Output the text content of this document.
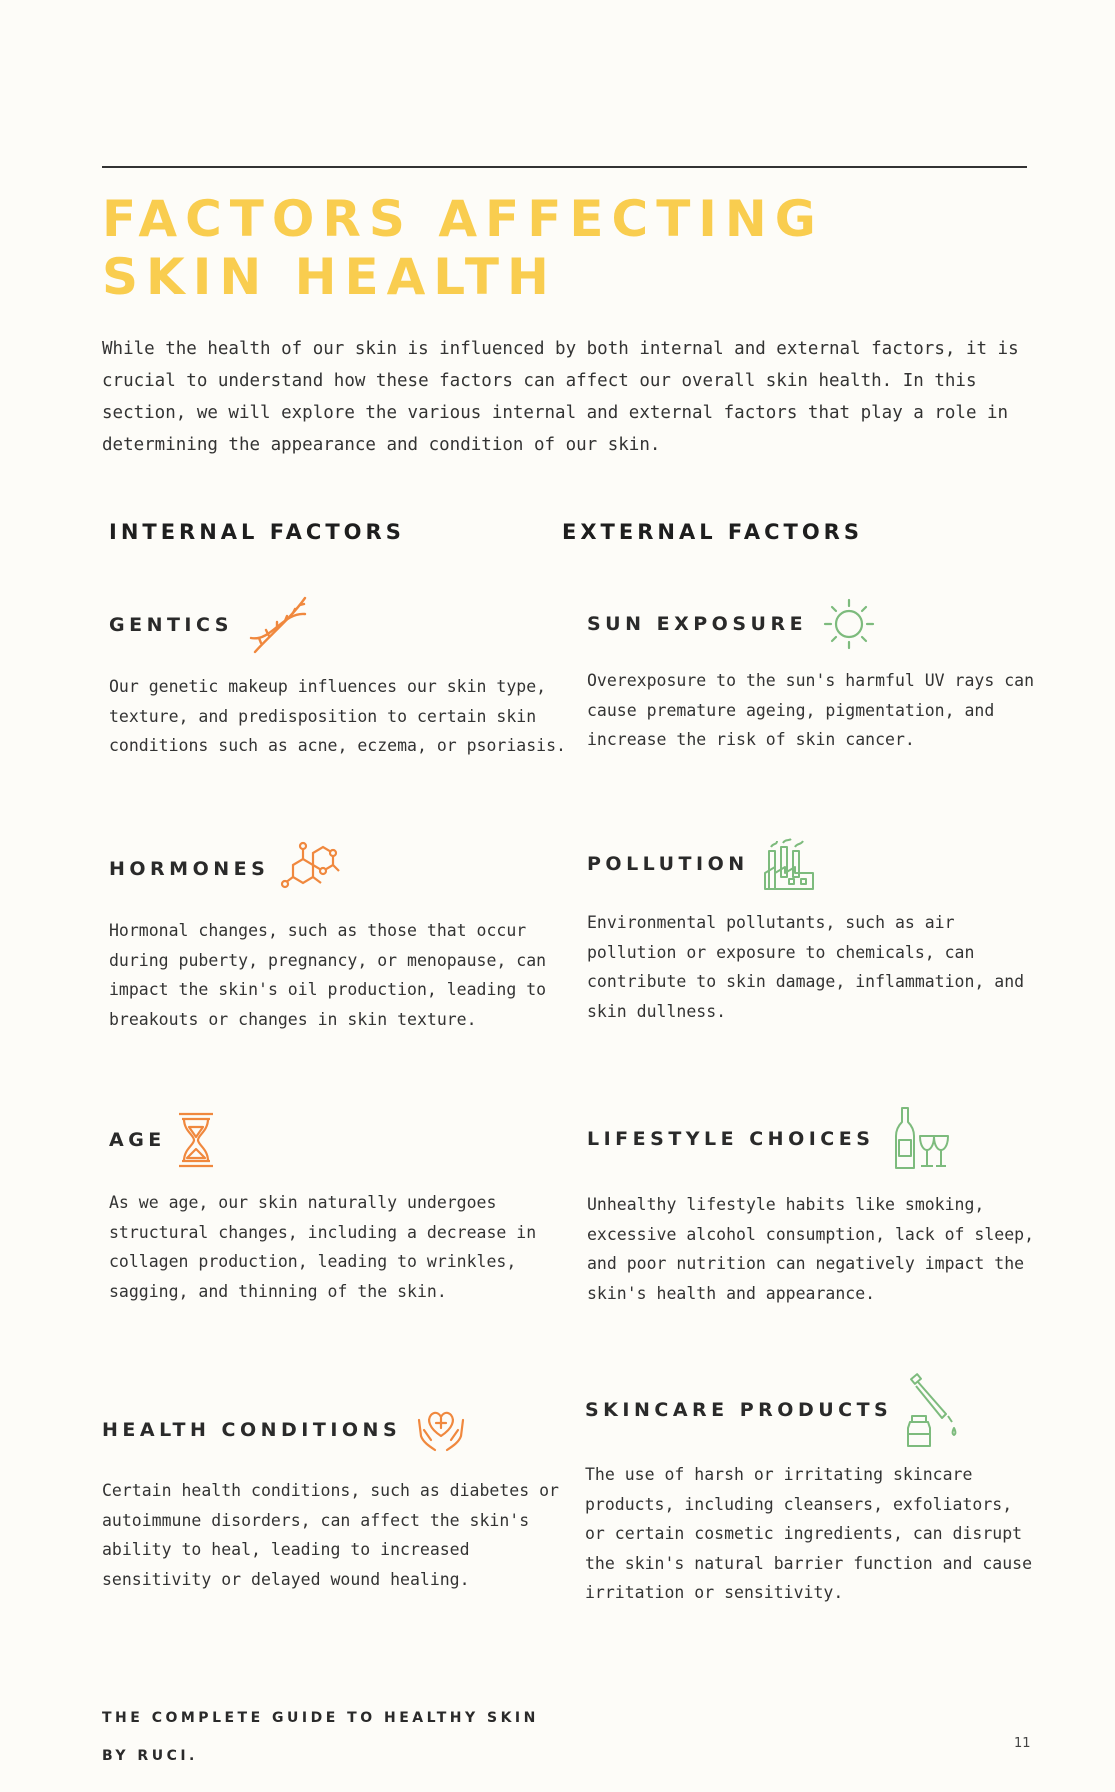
FACTORS AFFECTING
SKIN HEALTH

While the health of our skin is influenced by both internal and external factors, it is crucial to understand how these factors can affect our overall skin health. In this section, we will explore the various internal and external factors that play a role in determining the appearance and condition of our skin.

INTERNAL FACTORS	EXTERNAL FACTORS
GENTICS

Our genetic makeup influences our skin type, texture, and predisposition to certain skin conditions such as acne, eczema, or psoriasis.

HORMONES

Hormonal changes, such as those that occur during puberty, pregnancy, or menopause, can impact the skin's oil production, leading to breakouts or changes in skin texture.

AGE

As we age, our skin naturally undergoes structural changes, including a decrease in collagen production, leading to wrinkles, sagging, and thinning of the skin.

HEALTH CONDITIONS

Certain health conditions, such as diabetes or autoimmune disorders, can affect the skin's ability to heal, leading to increased sensitivity or delayed wound healing.

SUN EXPOSURE

Overexposure to the sun's harmful UV rays can cause premature ageing, pigmentation, and increase the risk of skin cancer.

POLLUTION

Environmental pollutants, such as air pollution or exposure to chemicals, can contribute to skin damage, inflammation, and skin dullness.

LIFESTYLE CHOICES

Unhealthy lifestyle habits like smoking, excessive alcohol consumption, lack of sleep, and poor nutrition can negatively impact the skin's health and appearance.

SKINCARE PRODUCTS

The use of harsh or irritating skincare products, including cleansers, exfoliators, or certain cosmetic ingredients, can disrupt the skin's natural barrier function and cause irritation or sensitivity.

THE COMPLETE GUIDE TO HEALTHY SKIN

BY RUCI.

11
